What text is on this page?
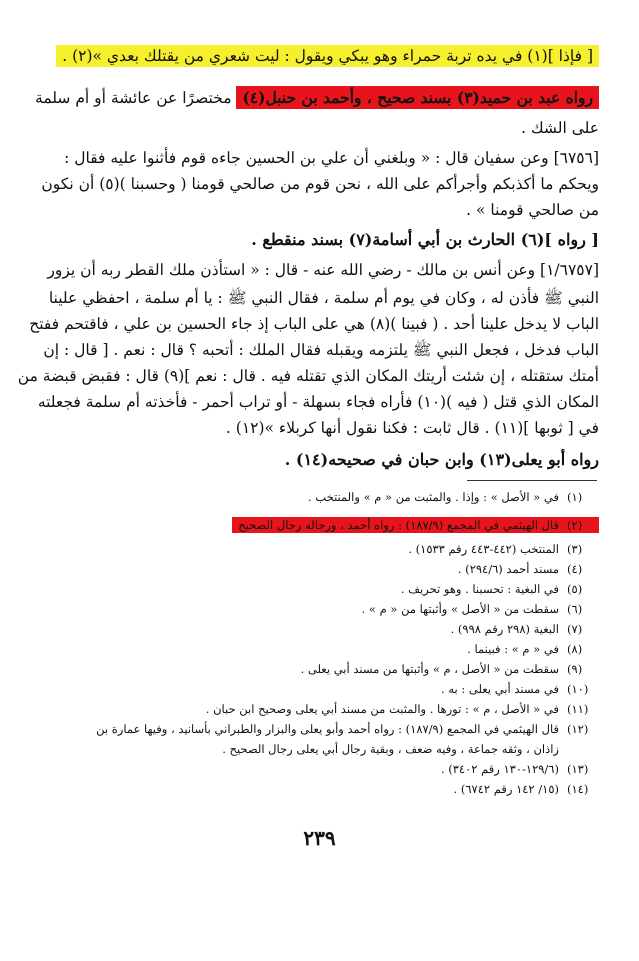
[ فإذا ](١) في يده تربة حمراء وهو يبكي ويقول : ليت شعري من يقتلك بعدي »(٢) .
رواه عبد بن حميد(٣) بسند صحيح ، وأحمد بن حنبل(٤) مختصرًا عن عائشة أو أم سلمة
على الشك .
[٦٧٥٦] وعن سفيان قال : « وبلغني أن علي بن الحسين جاءه قوم فأثنوا عليه فقال :
ويحكم ما أكذبكم وأجرأكم على الله ، نحن قوم من صالحي قومنا ( وحسبنا )(٥) أن نكون
من صالحي قومنا » .
[ رواه ](٦) الحارث بن أبي أسامة(٧) بسند منقطع .
[١/٦٧٥٧] وعن أنس بن مالك - رضي الله عنه - قال : « استأذن ملك القطر ربه أن يزور
النبي ﷺ فأذن له ، وكان في يوم أم سلمة ، فقال النبي ﷺ : يا أم سلمة ، احفظي علينا
الباب لا يدخل علينا أحد . ( فبينا )(٨) هي على الباب إذ جاء الحسين بن علي ، فاقتحم ففتح
الباب فدخل ، فجعل النبي ﷺ يلتزمه ويقبله فقال الملك : أتحبه ؟ قال : نعم . [ قال : إن
أمتك ستقتله ، إن شئت أريتك المكان الذي تقتله فيه . قال : نعم ](٩) قال : فقبض قبضة من
المكان الذي قتل ( فيه )(١٠) فأراه فجاء بسهلة - أو تراب أحمر - فأخذته أم سلمة فجعلته
في [ ثوبها ](١١) . قال ثابت : فكنا نقول أنها كربلاء »(١٢) .
رواه أبو يعلى(١٣) وابن حبان في صحيحه(١٤) .
(١)في « الأصل » : وإذا . والمثبت من « م » والمنتخب .
(٢)قال الهيثمي في المجمع (١٨٧/٩) : رواه أحمد ، ورجاله رجال الصحيح
(٣)المنتخب (٤٤٢-٤٤٣ رقم ١٥٣٣) .
(٤)مسند أحمد (٢٩٤/٦) .
(٥)في البغية : تحسبنا . وهو تحريف .
(٦)سقطت من « الأصل » وأثبتها من « م » .
(٧)البغية (٢٩٨ رقم ٩٩٨) .
(٨)في « م » : فبينما .
(٩)سقطت من « الأصل ، م » وأثبتها من مسند أبي يعلى .
(١٠)في مسند أبي يعلى : به .
(١١)في « الأصل ، م » : تورها . والمثبت من مسند أبي يعلى وصحيح ابن حبان .
(١٢)قال الهيثمي في المجمع (١٨٧/٩) : رواه أحمد وأبو يعلى والبزار والطبراني بأسانيد ، وفيها عمارة بن
زاذان ، وثقه جماعة ، وفيه ضعف ، وبقية رجال أبي يعلى رجال الصحيح .
(١٣)(١٢٩/٦-١٣٠ رقم ٣٤٠٢) .
(١٤)(١٥/ ١٤٢ رقم ٦٧٤٢) .
٢٣٩
